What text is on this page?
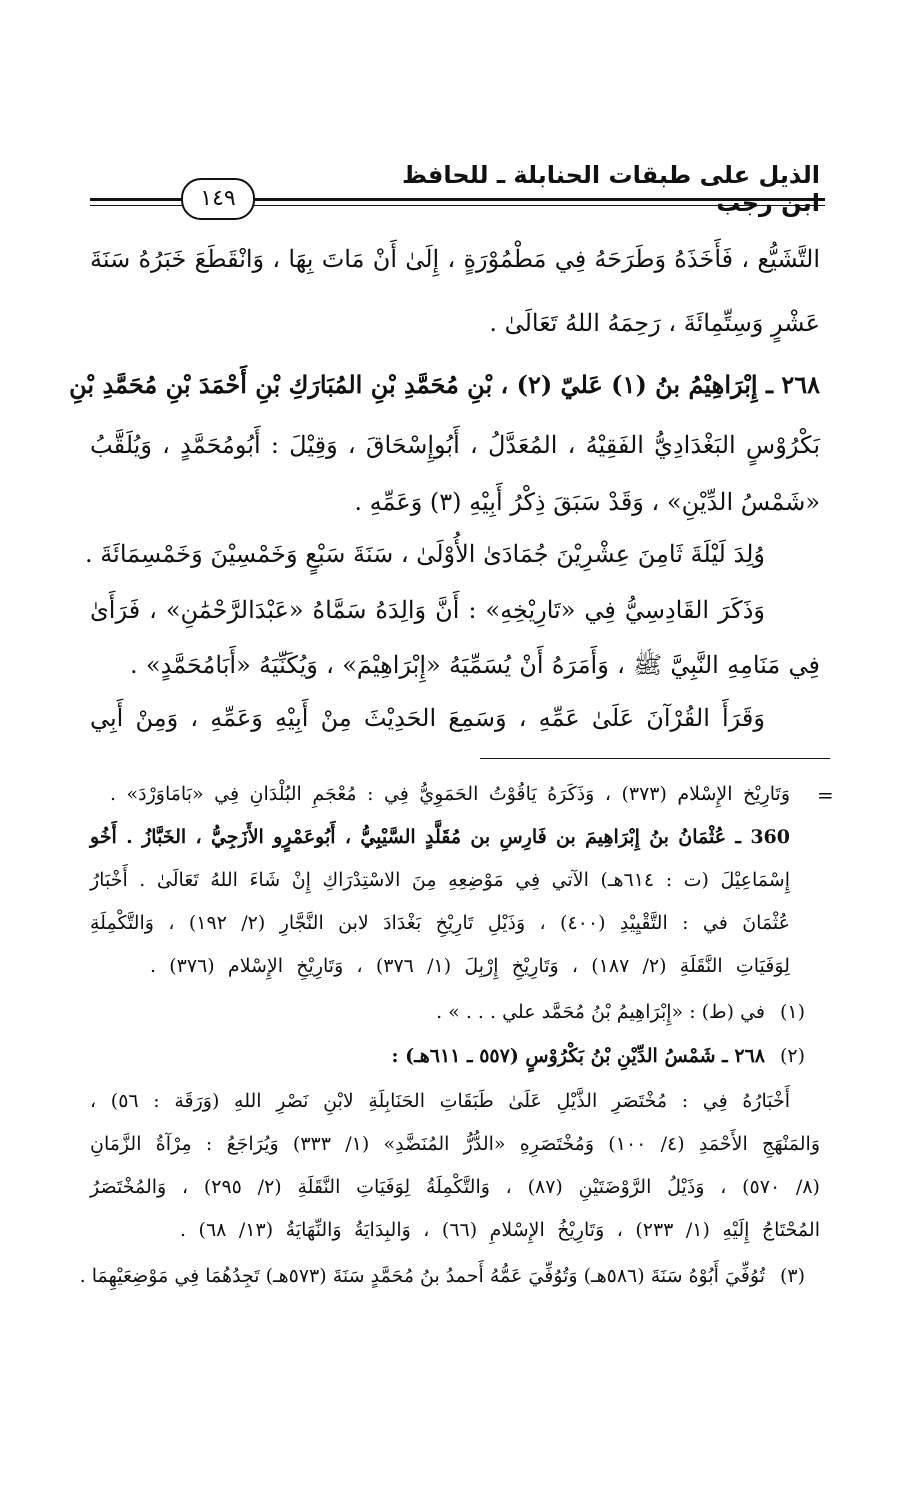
الذيل على طبقات الحنابلة ـ للحافظ ابن رجب
١٤٩
التَّشَيُّع ، فَأَخَذَهُ وَطَرَحَهُ فِي مَطْمُوْرَةٍ ، إِلَىٰ أَنْ مَاتَ بِهَا ، وَانْقَطَعَ خَبَرُهُ سَنَةَ
عَشْرٍ وَسِتِّمِائَةَ ، رَحِمَهُ اللهُ تَعَالَىٰ .
٢٦٨ ـ إِبْرَاهِيْمُ بنُ (١) عَليّ (٢) ، بْنِ مُحَمَّدِ بْنِ المُبَارَكِ بْنِ أَحْمَدَ بْنِ مُحَمَّدِ بْنِ
بَكْرُوْسٍ البَغْدَادِيُّ الفَقِيْهُ ، المُعَدَّلُ ، أَبُوإِسْحَاقَ ، وَقِيْلَ : أَبُومُحَمَّدٍ ، وَيُلَقَّبُ
«شَمْسُ الدِّيْنِ» ، وَقَدْ سَبَقَ ذِكْرُ أَبِيْهِ (٣) وَعَمِّهِ .
وُلِدَ لَيْلَةَ ثَامِنَ عِشْرِيْنَ جُمَادَىٰ الأُوْلَىٰ ، سَنَةَ سَبْعٍ وَخَمْسِيْنَ وَخَمْسِمَائَةَ .
وَذَكَرَ القَادِسِيُّ فِي «تَارِيْخِهِ» : أَنَّ وَالِدَهُ سَمَّاهُ «عَبْدَالرَّحْمَٰنِ» ، فَرَأَىٰ
فِي مَنَامِهِ النَّبِيَّ ﷺ ، وَأَمَرَهُ أَنْ يُسَمِّيَهُ «إِبْرَاهِيْمَ» ، وَيُكَنِّيَهُ «أَبَامُحَمَّدٍ» .
وَقَرَأَ القُرْآنَ عَلَىٰ عَمِّهِ ، وَسَمِعَ الحَدِيْثَ مِنْ أَبِيْهِ وَعَمِّهِ ، وَمِنْ أَبِي
=
وَتَارِيْخ الإِسْلام (٣٧٣) ، وَذَكَرَهُ يَاقُوْتُ الحَمَوِيُّ فِي : مُعْجَمِ البُلْدَانِ فِي «بَامَاوَرْدَ» .
360 ـ عُثْمَانُ بنُ إِبْرَاهِيمَ بن فَارِسِ بن مُقَلَّدٍ السَّيْبِيُّ ، أَبُوعَمْرٍو الأَزَجِيُّ ، الخَبَّازُ . أَخُو
إِسْمَاعِيْلَ (ت : ٦١٤هـ) الآتي فِي مَوْضِعِهِ مِنَ الاسْتِدْرَاكِ إِنْ شَاءَ اللهُ تَعَالَىٰ . أَخْبَارُ
عُثْمَانَ في : التَّقْيِيْدِ (٤٠٠) ، وَذَيْلِ تَارِيْخِ بَغْدَادَ لابن النَّجَّارِ (٢/ ١٩٢) ، وَالتَّكْمِلَةِ
لِوَفَيَاتِ النَّقَلَةِ (٢/ ١٨٧) ، وَتَارِيْخِ إِرْبِلَ (١/ ٣٧٦) ، وَتَارِيْخِ الإِسْلام (٣٧٦) .
(١)
في (ط) : «إِبْرَاهِيمُ بْنُ مُحَمَّد علي . . . » .
(٢)
٢٦٨ ـ شَمْسُ الدِّيْنِ بْنُ بَكْرُوْسٍ (٥٥٧ ـ ٦١١هـ) :
أَخْبَارُهُ فِي : مُخْتَصَرِ الذَّيْلِ عَلَىٰ طَبَقَاتِ الحَنَابِلَةِ لابْنِ نَصْرِ اللهِ (وَرَقَة : ٥٦) ،
وَالمَنْهَجِ الأَحْمَدِ (٤/ ١٠٠) وَمُخْتَصَرِهِ «الدُّرُّ المُنَضَّدِ» (١/ ٣٣٣) وَيُرَاجَعُ : مِرْآةُ الزَّمَانِ
(٨/ ٥٧٠) ، وَذَيْلُ الرَّوْضَتَيْنِ (٨٧) ، وَالتَّكْمِلَةُ لِوَفَيَاتِ النَّقَلَةِ (٢/ ٢٩٥) ، وَالمُخْتَصَرُ
المُحْتَاجُ إِلَيْهِ (١/ ٢٣٣) ، وَتَارِيْخُ الإِسْلامِ (٦٦) ، وَالبِدَايَةُ وَالنِّهَايَةُ (١٣/ ٦٨) .
(٣)
تُوُفِّيَ أَبُوْهُ سَنَةَ (٥٨٦هـ) وَتُوُفِّيَ عَمُّهُ أَحمدُ بنُ مُحَمَّدٍ سَنَةَ (٥٧٣هـ) تَجِدُهُمَا فِي مَوْضِعَيْهِمَا .
